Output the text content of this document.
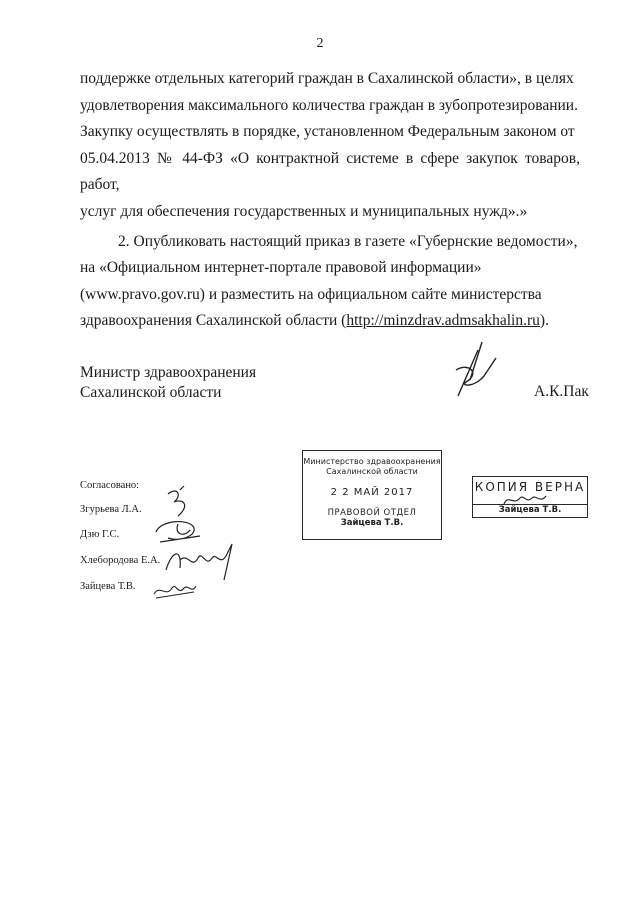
2

поддержке отдельных категорий граждан в Сахалинской области», в целях
удовлетворения максимального количества граждан в зубопротезировании.
Закупку осуществлять в порядке, установленном Федеральным законом от
05.04.2013 № 44-ФЗ «О контрактной системе в сфере закупок товаров, работ,
услуг для обеспечения государственных и муниципальных нужд».»

2. Опубликовать настоящий приказ в газете «Губернские ведомости»,
на «Официальном интернет-портале правовой информации»
(www.pravo.gov.ru) и разместить на официальном сайте министерства
здравоохранения Сахалинской области (http://minzdrav.admsakhalin.ru).

Министр здравоохранения
Сахалинской области	А.К.Пак
Согласовано:
Згурьева Л.А.
Дзю Г.С.
Хлебородова Е.А.
Зайцева Т.В.
Министерство здравоохранения
Сахалинской области
2 2 МАЙ 2017
ПРАВОВОЙ ОТДЕЛ
Зайцева Т.В.
КОПИЯ ВЕРНА
Зайцева Т.В.
